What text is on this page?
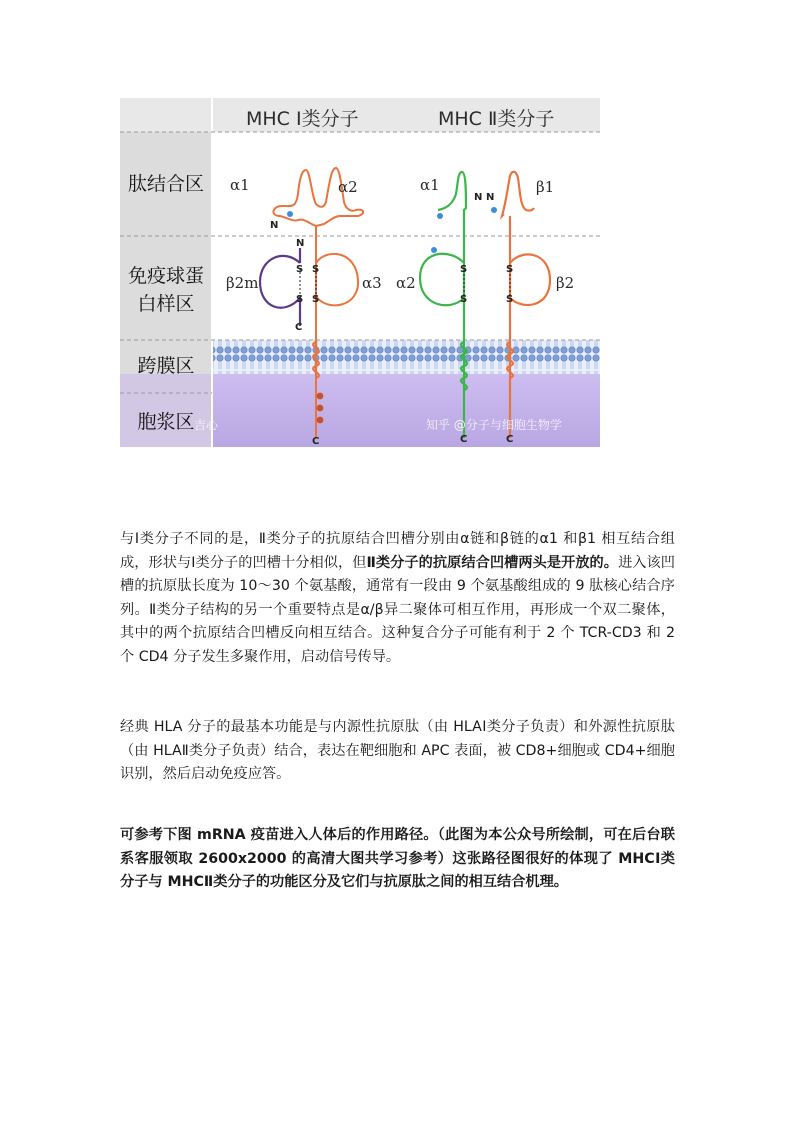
MHC Ⅰ类分子	MHC Ⅱ类分子
肽结合区
免疫球蛋
白样区
跨膜区
胞浆区
α1	α2
β2m	α3
α1	β1
α2	β2
N
N
N N
C
C	C	C
S
S
S
S
S
S
S
S
吉心	知乎 @分子与细胞生物学

与Ⅰ类分子不同的是，Ⅱ类分子的抗原结合凹槽分别由α链和β链的α1 和β1 相互结合组成，形状与Ⅰ类分子的凹槽十分相似，但Ⅱ类分子的抗原结合凹槽两头是开放的。进入该凹槽的抗原肽长度为 10～30 个氨基酸，通常有一段由 9 个氨基酸组成的 9 肽核心结合序列。Ⅱ类分子结构的另一个重要特点是α/β异二聚体可相互作用，再形成一个双二聚体，其中的两个抗原结合凹槽反向相互结合。这种复合分子可能有利于 2 个 TCR-CD3 和 2 个 CD4 分子发生多聚作用，启动信号传导。

经典 HLA 分子的最基本功能是与内源性抗原肽（由 HLAⅠ类分子负责）和外源性抗原肽（由 HLAⅡ类分子负责）结合，表达在靶细胞和 APC 表面，被 CD8+细胞或 CD4+细胞识别，然后启动免疫应答。

可参考下图 mRNA 疫苗进入人体后的作用路径。（此图为本公众号所绘制，可在后台联系客服领取 2600x2000 的高清大图共学习参考）这张路径图很好的体现了 MHCⅠ类分子与 MHCⅡ类分子的功能区分及它们与抗原肽之间的相互结合机理。
